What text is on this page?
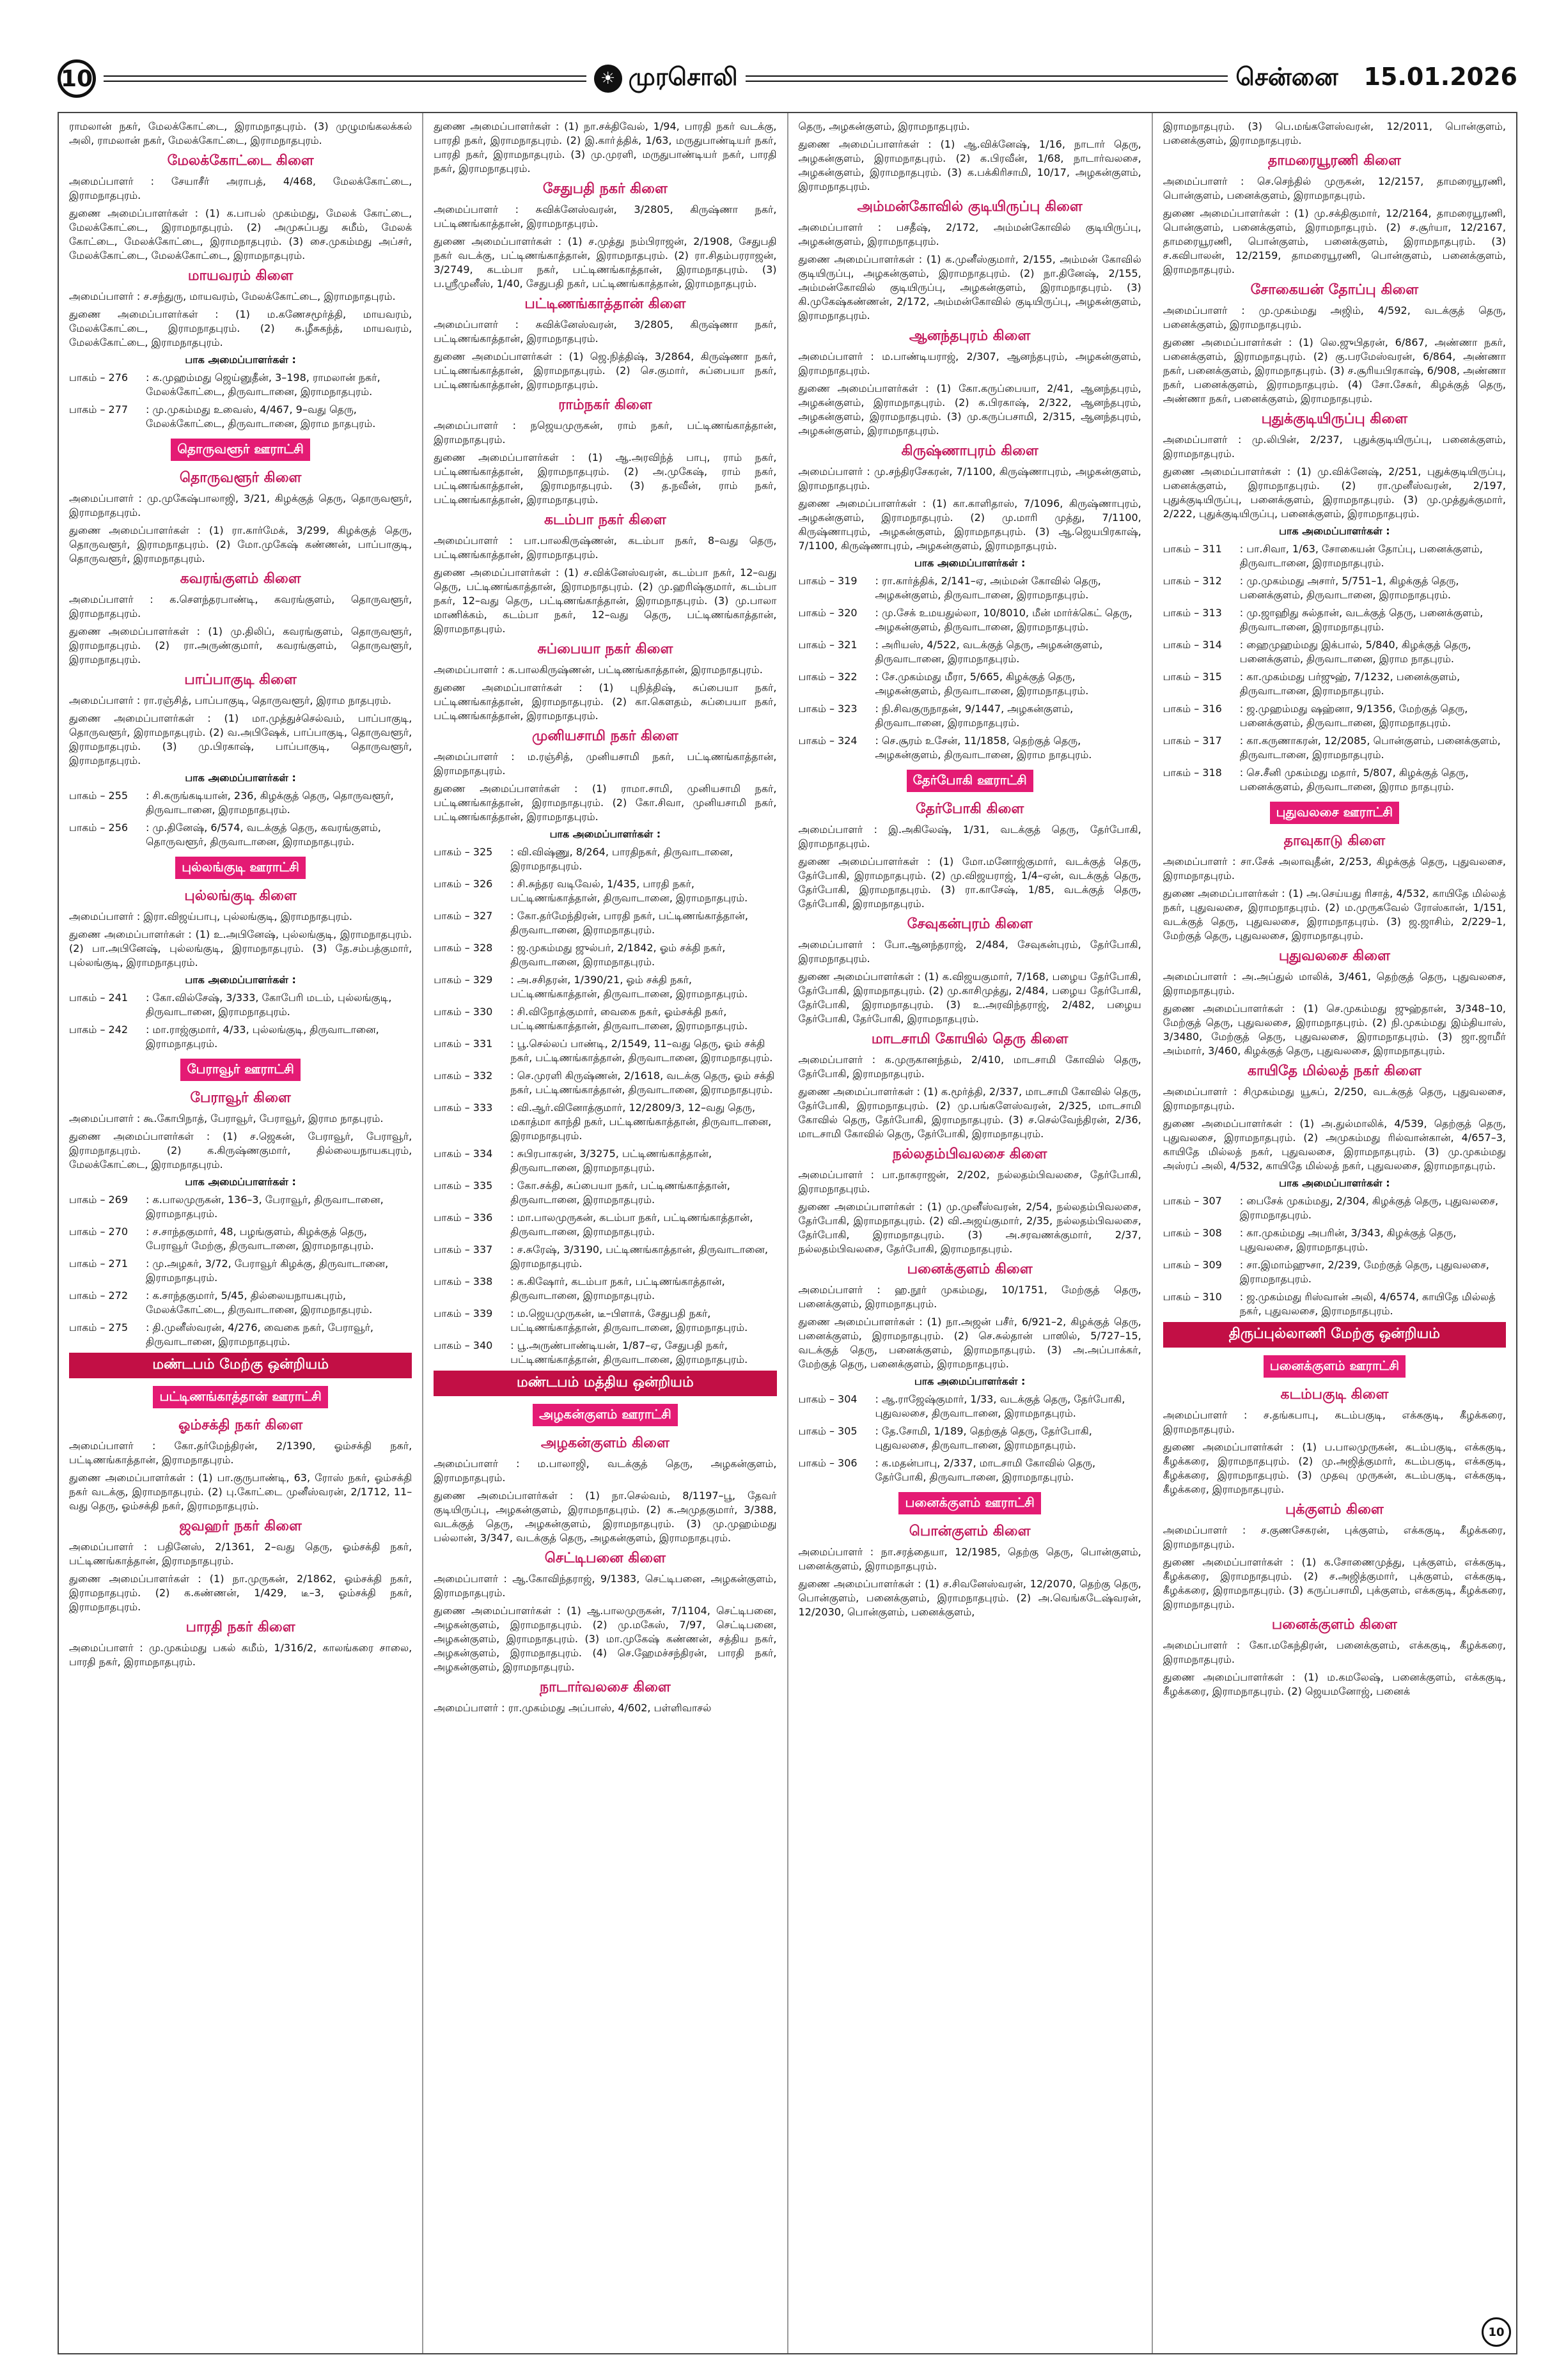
10	☀ முரசொலி	சென்னை 15.01.2026
ராமலான் நகர், மேலக்கோட்டை, இராமநாதபுரம். (3) முழுமங்கலக்கல் அலி, ராமலான் நகர், மேலக்கோட்டை, இராமநாதபுரம்.
மேலக்கோட்டை கிளை
அமைப்பாளர் : சேயாசீர் அராபத், 4/468, மேலக்கோட்டை, இராமநாதபுரம்.
துணை அமைப்பாளர்கள் : (1) க.பாபல் முகம்மது, மேலக் கோட்டை, மேலக்கோட்டை, இராமநாதபுரம். (2) அமுசுப்பது சுமீம், மேலக் கோட்டை, மேலக்கோட்டை, இராமநாதபுரம். (3) சை.முகம்மது அப்சர், மேலக்கோட்டை, மேலக்கோட்டை, இராமநாதபுரம்.
மாயவரம் கிளை
அமைப்பாளர் : ச.சந்துரு, மாயவரம், மேலக்கோட்டை, இராமநாதபுரம்.
துணை அமைப்பாளர்கள் : (1) ம.கணேசமூர்த்தி, மாயவரம், மேலக்கோட்டை, இராமநாதபுரம். (2) சு.ழீசுகந்த், மாயவரம், மேலக்கோட்டை, இராமநாதபுரம்.
பாக அமைப்பாளர்கள் :
பாகம் – 276	: க.முஹம்மது ஜெய்னுதீன், 3–198, ராமலான் நகர், மேலக்கோட்டை, திருவாடானை, இராமநாதபுரம்.
பாகம் – 277	: மு.முகம்மது உவைஸ், 4/467, 9–வது தெரு, மேலக்கோட்டை, திருவாடானை, இராம நாதபுரம்.
தொருவளூர் ஊராட்சி
தொருவளூர் கிளை
அமைப்பாளர் : மு.முகேஷ்பாலாஜி, 3/21, கிழக்குத் தெரு, தொருவளூர், இராமநாதபுரம்.
துணை அமைப்பாளர்கள் : (1) ரா.கார்மேக், 3/299, கிழக்குத் தெரு, தொருவளூர், இராமநாதபுரம். (2) மோ.முகேஷ் கண்ணன், பாப்பாகுடி, தொருவளூர், இராமநாதபுரம்.
கவரங்குளம் கிளை
அமைப்பாளர் : க.சௌந்தரபாண்டி, கவரங்குளம், தொருவளூர், இராமநாதபுரம்.
துணை அமைப்பாளர்கள் : (1) மு.திலிப், கவரங்குளம், தொருவளூர், இராமநாதபுரம். (2) ரா.அருண்குமார், கவரங்குளம், தொருவளூர், இராமநாதபுரம்.
பாப்பாகுடி கிளை
அமைப்பாளர் : ரா.ரஞ்சித், பாப்பாகுடி, தொருவளூர், இராம நாதபுரம்.
துணை அமைப்பாளர்கள் : (1) மா.முத்துச்செல்வம், பாப்பாகுடி, தொருவளூர், இராமநாதபுரம். (2) வ.அபிஷேக், பாப்பாகுடி, தொருவளூர், இராமநாதபுரம். (3) மு.பிரகாஷ், பாப்பாகுடி, தொருவளூர், இராமநாதபுரம்.
பாக அமைப்பாளர்கள் :
பாகம் – 255	: சி.கருங்கடியான், 236, கிழக்குத் தெரு, தொருவளூர், திருவாடானை, இராமநாதபுரம்.
பாகம் – 256	: மு.தினேஷ், 6/574, வடக்குத் தெரு, கவரங்குளம், தொருவளூர், திருவாடானை, இராமநாதபுரம்.
புல்லங்குடி ஊராட்சி
புல்லங்குடி கிளை
அமைப்பாளர் : இரா.விஜய்பாபு, புல்லங்குடி, இராமநாதபுரம்.
துணை அமைப்பாளர்கள் : (1) உ.அபினேஷ், புல்லங்குடி, இராமநாதபுரம். (2) பா.அபினேஷ், புல்லங்குடி, இராமநாதபுரம். (3) தே.சம்பத்குமார், புல்லங்குடி, இராமநாதபுரம்.
பாக அமைப்பாளர்கள் :
பாகம் – 241	: கோ.வில்சேஷ், 3/333, கோபேரி மடம், புல்லங்குடி, திருவாடானை, இராமநாதபுரம்.
பாகம் – 242	: மா.ராஜ்குமார், 4/33, புல்லங்குடி, திருவாடானை, இராமநாதபுரம்.
பேராவூர் ஊராட்சி
பேராவூர் கிளை
அமைப்பாளர் : கூ.கோபிநாத், பேராவூர், பேராவூர், இராம நாதபுரம்.
துணை அமைப்பாளர்கள் : (1) ச.ஜெகன், பேராவூர், பேராவூர், இராமநாதபுரம். (2) க.கிருஷ்ணகுமார், தில்லையநாயகபுரம், மேலக்கோட்டை, இராமநாதபுரம்.
பாக அமைப்பாளர்கள் :
பாகம் – 269	: க.பாலமுருகன், 136–3, பேராவூர், திருவாடானை, இராமநாதபுரம்.
பாகம் – 270	: ச.சாந்தகுமார், 48, பழங்குளம், கிழக்குத் தெரு, பேராவூர் மேற்கு, திருவாடானை, இராமநாதபுரம்.
பாகம் – 271	: மு.அழகர், 3/72, பேராவூர் கிழக்கு, திருவாடானை, இராமநாதபுரம்.
பாகம் – 272	: க.சாந்தகுமார், 5/45, தில்லையநாயகபுரம், மேலக்கோட்டை, திருவாடானை, இராமநாதபுரம்.
பாகம் – 275	: தி.முனீஸ்வரன், 4/276, வைகை நகர், பேராவூர், திருவாடானை, இராமநாதபுரம்.
மண்டபம் மேற்கு ஒன்றியம்
பட்டிணங்காத்தான் ஊராட்சி
ஓம்சக்தி நகர் கிளை
அமைப்பாளர் : கோ.தர்மேந்திரன், 2/1390, ஓம்சக்தி நகர், பட்டிணங்காத்தான், இராமநாதபுரம்.
துணை அமைப்பாளர்கள் : (1) பா.குருபாண்டி, 63, ரோஸ் நகர், ஓம்சக்தி நகர் வடக்கு, இராமநாதபுரம். (2) பு.கோட்டை முனீஸ்வரன், 2/1712, 11–வது தெரு, ஓம்சக்தி நகர், இராமநாதபுரம்.
ஜவஹர் நகர் கிளை
அமைப்பாளர் : பதினேஸ், 2/1361, 2–வது தெரு, ஓம்சக்தி நகர், பட்டிணங்காத்தான், இராமநாதபுரம்.
துணை அமைப்பாளர்கள் : (1) நா.முருகன், 2/1862, ஓம்சக்தி நகர், இராமநாதபுரம். (2) க.கண்ணன், 1/429, டீ–3, ஓம்சக்தி நகர், இராமநாதபுரம்.
பாரதி நகர் கிளை
அமைப்பாளர் : மு.முகம்மது பகல் கமீம், 1/316/2, காலங்கரை சாலை, பாரதி நகர், இராமநாதபுரம்.
துணை அமைப்பாளர்கள் : (1) நா.சக்திவேல், 1/94, பாரதி நகர் வடக்கு, பாரதி நகர், இராமநாதபுரம். (2) இ.காா்த்திக், 1/63, மருதுபாண்டியர் நகர், பாரதி நகர், இராமநாதபுரம். (3) மு.முரளி, மருதுபாண்டியர் நகர், பாரதி நகர், இராமநாதபுரம்.
சேதுபதி நகர் கிளை
அமைப்பாளர் : சுவிக்னேஸ்வரன், 3/2805, கிருஷ்ணா நகர், பட்டிணங்காத்தான், இராமநாதபுரம்.
துணை அமைப்பாளர்கள் : (1) ச.முத்து நம்பிராஜன், 2/1908, சேதுபதி நகர் வடக்கு, பட்டிணங்காத்தான், இராமநாதபுரம். (2) ரா.சிதம்பரராஜன், 3/2749, கடம்பா நகர், பட்டிணங்காத்தான், இராமநாதபுரம். (3) ப.ஸ்ரீமுனீஸ், 1/40, சேதுபதி நகர், பட்டிணங்காத்தான், இராமநாதபுரம்.
பட்டிணங்காத்தான் கிளை
அமைப்பாளர் : சுவிக்னேஸ்வரன், 3/2805, கிருஷ்ணா நகர், பட்டிணங்காத்தான், இராமநாதபுரம்.
துணை அமைப்பாளர்கள் : (1) ஜெ.நித்திஷ், 3/2864, கிருஷ்ணா நகர், பட்டிணங்காத்தான், இராமநாதபுரம். (2) செ.குமார், சுப்பையா நகர், பட்டிணங்காத்தான், இராமநாதபுரம்.
ராம்நகர் கிளை
அமைப்பாளர் : நஜெயமுருகன், ராம் நகர், பட்டிணங்காத்தான், இராமநாதபுரம்.
துணை அமைப்பாளர்கள் : (1) ஆ.அரவிந்த் பாபு, ராம் நகர், பட்டிணங்காத்தான், இராமநாதபுரம். (2) அ.முகேஷ், ராம் நகர், பட்டிணங்காத்தான், இராமநாதபுரம். (3) த.நவீன், ராம் நகர், பட்டிணங்காத்தான், இராமநாதபுரம்.
கடம்பா நகர் கிளை
அமைப்பாளர் : பா.பாலகிருஷ்ணன், கடம்பா நகர், 8–வது தெரு, பட்டிணங்காத்தான், இராமநாதபுரம்.
துணை அமைப்பாளர்கள் : (1) ச.விக்னேஸ்வரன், கடம்பா நகர், 12–வது தெரு, பட்டிணங்காத்தான், இராமநாதபுரம். (2) மு.ஹரிஷ்குமார், கடம்பா நகர், 12–வது தெரு, பட்டிணங்காத்தான், இராமநாதபுரம். (3) மு.பாலா மாணிக்கம், கடம்பா நகர், 12–வது தெரு, பட்டிணங்காத்தான், இராமநாதபுரம்.
சுப்பையா நகர் கிளை
அமைப்பாளர் : க.பாலகிருஷ்ணன், பட்டிணங்காத்தான், இராமநாதபுரம்.
துணை அமைப்பாளர்கள் : (1) புநித்திஷ், சுப்பையா நகர், பட்டிணங்காத்தான், இராமநாதபுரம். (2) கா.கௌதம், சுப்பையா நகர், பட்டிணங்காத்தான், இராமநாதபுரம்.
முனியசாமி நகர் கிளை
அமைப்பாளர் : ம.ரஞ்சித், முனியசாமி நகர், பட்டிணங்காத்தான், இராமநாதபுரம்.
துணை அமைப்பாளர்கள் : (1) ராமா.சாமி, முனியசாமி நகர், பட்டிணங்காத்தான், இராமநாதபுரம். (2) கோ.சிவா, முனியசாமி நகர், பட்டிணங்காத்தான், இராமநாதபுரம்.
பாக அமைப்பாளர்கள் :
பாகம் – 325	: வி.விஷ்ணு, 8/264, பாரதிநகர், திருவாடானை, இராமநாதபுரம்.
பாகம் – 326	: சி.சுந்தர வடிவேல், 1/435, பாரதி நகர், பட்டிணங்காத்தான், திருவாடானை, இராமநாதபுரம்.
பாகம் – 327	: கோ.தர்மேந்திரன், பாரதி நகர், பட்டிணங்காத்தான், திருவாடானை, இராமநாதபுரம்.
பாகம் – 328	: ஜ.முகம்மது ஜுல்பர், 2/1842, ஓம் சக்தி நகர், திருவாடானை, இராமநாதபுரம்.
பாகம் – 329	: அ.சசிதரன், 1/390/21, ஓம் சக்தி நகர், பட்டிணங்காத்தான், திருவாடானை, இராமநாதபுரம்.
பாகம் – 330	: சி.விநோத்குமார், வைகை நகர், ஓம்சக்தி நகர், பட்டிணங்காத்தான், திருவாடானை, இராமநாதபுரம்.
பாகம் – 331	: பூ.செல்லப் பாண்டி, 2/1549, 11–வது தெரு, ஓம் சக்தி நகர், பட்டிணங்காத்தான், திருவாடானை, இராமநாதபுரம்.
பாகம் – 332	: செ.முரளி கிருஷ்ணன், 2/1618, வடக்கு தெரு, ஓம் சக்தி நகர், பட்டிணங்காத்தான், திருவாடானை, இராமநாதபுரம்.
பாகம் – 333	: வி.ஆர்.வினோத்குமார், 12/2809/3, 12–வது தெரு, மகாத்மா காந்தி நகர், பட்டிணங்காத்தான், திருவாடானை, இராமநாதபுரம்.
பாகம் – 334	: சுபிரபாகரன், 3/3275, பட்டிணங்காத்தான், திருவாடானை, இராமநாதபுரம்.
பாகம் – 335	: கோ.சக்தி, சுப்பையா நகர், பட்டிணங்காத்தான், திருவாடானை, இராமநாதபுரம்.
பாகம் – 336	: மா.பாலமுருகன், கடம்பா நகர், பட்டிணங்காத்தான், திருவாடானை, இராமநாதபுரம்.
பாகம் – 337	: ச.சுரேஷ், 3/3190, பட்டிணங்காத்தான், திருவாடானை, இராமநாதபுரம்.
பாகம் – 338	: க.கிஷோர், கடம்பா நகர், பட்டிணங்காத்தான், திருவாடானை, இராமநாதபுரம்.
பாகம் – 339	: ம.ஜெயமுருகன், டீ–பிளாக், சேதுபதி நகர், பட்டிணங்காத்தான், திருவாடானை, இராமநாதபுரம்.
பாகம் – 340	: பூ.அருண்பாண்டியன், 1/87–ஏ, சேதுபதி நகர், பட்டிணங்காத்தான், திருவாடானை, இராமநாதபுரம்.
மண்டபம் மத்திய ஒன்றியம்
அழகன்குளம் ஊராட்சி
அழகன்குளம் கிளை
அமைப்பாளர் : ம.பாலாஜி, வடக்குத் தெரு, அழகன்குளம், இராமநாதபுரம்.
துணை அமைப்பாளர்கள் : (1) நா.செல்வம், 8/1197–பூ, தேவர் குடியிருப்பு, அழகன்குளம், இராமநாதபுரம். (2) க.அமுதகுமார், 3/388, வடக்குத் தெரு, அழகன்குளம், இராமநாதபுரம். (3) மு.முஹம்மது பல்லான், 3/347, வடக்குத் தெரு, அழகன்குளம், இராமநாதபுரம்.
செட்டிபனை கிளை
அமைப்பாளர் : ஆ.கோவிந்தராஜ், 9/1383, செட்டிபனை, அழகன்குளம், இராமநாதபுரம்.
துணை அமைப்பாளர்கள் : (1) ஆ.பாலமுருகன், 7/1104, செட்டிபனை, அழகன்குளம், இராமநாதபுரம். (2) மு.மகேஸ், 7/97, செட்டிபனை, அழகன்குளம், இராமநாதபுரம். (3) மா.முகேஷ் கண்ணன், சத்திய நகர், அழகன்குளம், இராமநாதபுரம். (4) செ.ஹேமச்சந்திரன், பாரதி நகர், அழகன்குளம், இராமநாதபுரம்.
நாடார்வலசை கிளை
அமைப்பாளர் : ரா.முகம்மது அப்பாஸ், 4/602, பள்ளிவாசல்
தெரு, அழகன்குளம், இராமநாதபுரம்.
துணை அமைப்பாளர்கள் : (1) ஆ.விக்னேஷ், 1/16, நாடார் தெரு, அழகன்குளம், இராமநாதபுரம். (2) க.பிரவீன், 1/68, நாடார்வலசை, அழகன்குளம், இராமநாதபுரம். (3) க.பக்கிரிசாமி, 10/17, அழகன்குளம், இராமநாதபுரம்.
அம்மன்கோவில் குடியிருப்பு கிளை
அமைப்பாளர் : பசதீஷ், 2/172, அம்மன்கோவில் குடியிருப்பு, அழகன்குளம், இராமநாதபுரம்.
துணை அமைப்பாளர்கள் : (1) க.முனீஸ்குமார், 2/155, அம்மன் கோவில் குடியிருப்பு, அழகன்குளம், இராமநாதபுரம். (2) நா.தினேஷ், 2/155, அம்மன்கோவில் குடியிருப்பு, அழகன்குளம், இராமநாதபுரம். (3) கி.முகேஷ்கண்ணன், 2/172, அம்மன்கோவில் குடியிருப்பு, அழகன்குளம், இராமநாதபுரம்.
ஆனந்தபுரம் கிளை
அமைப்பாளர் : ம.பாண்டியராஜ், 2/307, ஆனந்தபுரம், அழகன்குளம், இராமநாதபுரம்.
துணை அமைப்பாளர்கள் : (1) கோ.கருப்பையா, 2/41, ஆனந்தபுரம், அழகன்குளம், இராமநாதபுரம். (2) க.பிரகாஷ், 2/322, ஆனந்தபுரம், அழகன்குளம், இராமநாதபுரம். (3) மு.கருப்பசாமி, 2/315, ஆனந்தபுரம், அழகன்குளம், இராமநாதபுரம்.
கிருஷ்ணாபுரம் கிளை
அமைப்பாளர் : மு.சந்திரசேகரன், 7/1100, கிருஷ்ணாபுரம், அழகன்குளம், இராமநாதபுரம்.
துணை அமைப்பாளர்கள் : (1) கா.காளிதாஸ், 7/1096, கிருஷ்ணாபுரம், அழகன்குளம், இராமநாதபுரம். (2) மு.மாரி முத்து, 7/1100, கிருஷ்ணாபுரம், அழகன்குளம், இராமநாதபுரம். (3) ஆ.ஜெயபிரகாஷ், 7/1100, கிருஷ்ணாபுரம், அழகன்குளம், இராமநாதபுரம்.
பாக அமைப்பாளர்கள் :
பாகம் – 319	: ரா.கார்த்திக், 2/141–ஏ, அம்மன் கோவில் தெரு, அழகன்குளம், திருவாடானை, இராமநாதபுரம்.
பாகம் – 320	: மு.சேக் உமயதுல்லா, 10/8010, மீன் மார்க்கெட் தெரு, அழகன்குளம், திருவாடானை, இராமநாதபுரம்.
பாகம் – 321	: அரியஸ், 4/522, வடக்குத் தெரு, அழகன்குளம், திருவாடானை, இராமநாதபுரம்.
பாகம் – 322	: சே.முகம்மது மீரா, 5/665, கிழக்குத் தெரு, அழகன்குளம், திருவாடானை, இராமநாதபுரம்.
பாகம் – 323	: நி.சிவகுருநாதன், 9/1447, அழகன்குளம், திருவாடானை, இராமநாதபுரம்.
பாகம் – 324	: செ.சூரம் உசேன், 11/1858, தெற்குத் தெரு, அழகன்குளம், திருவாடானை, இராம நாதபுரம்.
தேர்போகி ஊராட்சி
தேர்போகி கிளை
அமைப்பாளர் : இ.அகிலேஷ், 1/31, வடக்குத் தெரு, தேர்போகி, இராமநாதபுரம்.
துணை அமைப்பாளர்கள் : (1) மோ.மனோஜ்குமார், வடக்குத் தெரு, தேர்போகி, இராமநாதபுரம். (2) மு.விஜயராஜ், 1/4–ஏன், வடக்குத் தெரு, தேர்போகி, இராமநாதபுரம். (3) ரா.காசேஷ், 1/85, வடக்குத் தெரு, தேர்போகி, இராமநாதபுரம்.
சேவுகன்புரம் கிளை
அமைப்பாளர் : போ.ஆனந்தராஜ், 2/484, சேவுகன்புரம், தேர்போகி, இராமநாதபுரம்.
துணை அமைப்பாளர்கள் : (1) க.விஜயகுமார், 7/168, பழைய தேர்போகி, தேர்போகி, இராமநாதபுரம். (2) மு.காசிமுத்து, 2/484, பழைய தேர்போகி, தேர்போகி, இராமநாதபுரம். (3) உ.அரவிந்தராஜ், 2/482, பழைய தேர்போகி, தேர்போகி, இராமநாதபுரம்.
மாடசாமி கோயில் தெரு கிளை
அமைப்பாளர் : க.முருகானந்தம், 2/410, மாடசாமி கோவில் தெரு, தேர்போகி, இராமநாதபுரம்.
துணை அமைப்பாளர்கள் : (1) க.மூர்த்தி, 2/337, மாடசாமி கோவில் தெரு, தேர்போகி, இராமநாதபுரம். (2) மு.பங்களேஸ்வரன், 2/325, மாடசாமி கோவில் தெரு, தேர்போகி, இராமநாதபுரம். (3) ச.செல்வேந்திரன், 2/36, மாடசாமி கோவில் தெரு, தேர்போகி, இராமநாதபுரம்.
நல்லதம்பிவலசை கிளை
அமைப்பாளர் : பா.நாகராஜன், 2/202, நல்லதம்பிவலசை, தேர்போகி, இராமநாதபுரம்.
துணை அமைப்பாளர்கள் : (1) மு.முனீஸ்வரன், 2/54, நல்லதம்பிவலசை, தேர்போகி, இராமநாதபுரம். (2) வி.அஜய்குமார், 2/35, நல்லதம்பிவலசை, தேர்போகி, இராமநாதபுரம். (3) அ.சரவணக்குமார், 2/37, நல்லதம்பிவலசை, தேர்போகி, இராமநாதபுரம்.
பனைக்குளம் கிளை
அமைப்பாளர் : ஹ.நூர் முகம்மது, 10/1751, மேற்குத் தெரு, பனைக்குளம், இராமநாதபுரம்.
துணை அமைப்பாளர்கள் : (1) நா.அஜன் பசீர், 6/921–2, கிழக்குத் தெரு, பனைக்குளம், இராமநாதபுரம். (2) செ.சுல்தான் பாஸில், 5/727–15, வடக்குத் தெரு, பனைக்குளம், இராமநாதபுரம். (3) அ.அப்பாக்கர், மேற்குத் தெரு, பனைக்குளம், இராமநாதபுரம்.
பாக அமைப்பாளர்கள் :
பாகம் – 304	: ஆ.ராஜேஷ்குமார், 1/33, வடக்குத் தெரு, தேர்போகி, புதுவலசை, திருவாடானை, இராமநாதபுரம்.
பாகம் – 305	: தே.சோமி, 1/189, தெற்குத் தெரு, தேர்போகி, புதுவலசை, திருவாடானை, இராமநாதபுரம்.
பாகம் – 306	: க.மதன்பாபு, 2/337, மாடசாமி கோவில் தெரு, தேர்போகி, திருவாடானை, இராமநாதபுரம்.
பனைக்குளம் ஊராட்சி
பொன்குளம் கிளை
அமைப்பாளர் : நா.சரத்தையா, 12/1985, தெற்கு தெரு, பொன்குளம், பனைக்குளம், இராமநாதபுரம்.
துணை அமைப்பாளர்கள் : (1) ச.சிவனேஸ்வரன், 12/2070, தெற்கு தெரு, பொன்குளம், பனைக்குளம், இராமநாதபுரம். (2) அ.வெங்கடேஷ்வரன், 12/2030, பொன்குளம், பனைக்குளம்,
இராமநாதபுரம். (3) பெ.மங்களேஸ்வரன், 12/2011, பொன்குளம், பனைக்குளம், இராமநாதபுரம்.
தாமரையூரணி கிளை
அமைப்பாளர் : செ.செந்தில் முருகன், 12/2157, தாமரையூரணி, பொன்குளம், பனைக்குளம், இராமநாதபுரம்.
துணை அமைப்பாளர்கள் : (1) மு.சக்திகுமார், 12/2164, தாமரையூரணி, பொன்குளம், பனைக்குளம், இராமநாதபுரம். (2) ச.சூர்யா, 12/2167, தாமரையூரணி, பொன்குளம், பனைக்குளம், இராமநாதபுரம். (3) ச.கவிபாலன், 12/2159, தாமரையூரணி, பொன்குளம், பனைக்குளம், இராமநாதபுரம்.
சோகையன் தோப்பு கிளை
அமைப்பாளர் : மு.முகம்மது அஜிம், 4/592, வடக்குத் தெரு, பனைக்குளம், இராமநாதபுரம்.
துணை அமைப்பாளர்கள் : (1) லெ.ஜுபிதரன், 6/867, அண்ணா நகர், பனைக்குளம், இராமநாதபுரம். (2) கு.பரமேஸ்வரன், 6/864, அண்ணா நகர், பனைக்குளம், இராமநாதபுரம். (3) ச.சூரியபிரகாஷ், 6/908, அண்ணா நகர், பனைக்குளம், இராமநாதபுரம். (4) சோ.சேகர், கிழக்குத் தெரு, அண்ணா நகர், பனைக்குளம், இராமநாதபுரம்.
புதுக்குடியிருப்பு கிளை
அமைப்பாளர் : மு.லிபின், 2/237, புதுக்குடியிருப்பு, பனைக்குளம், இராமநாதபுரம்.
துணை அமைப்பாளர்கள் : (1) மு.விக்னேஷ், 2/251, புதுக்குடியிருப்பு, பனைக்குளம், இராமநாதபுரம். (2) ரா.முனீஸ்வரன், 2/197, புதுக்குடியிருப்பு, பனைக்குளம், இராமநாதபுரம். (3) மு.முத்துக்குமார், 2/222, புதுக்குடியிருப்பு, பனைக்குளம், இராமநாதபுரம்.
பாக அமைப்பாளர்கள் :
பாகம் – 311	: பா.சிவா, 1/63, சோகையன் தோப்பு, பனைக்குளம், திருவாடானை, இராமநாதபுரம்.
பாகம் – 312	: மு.முகம்மது அசார், 5/751–1, கிழக்குத் தெரு, பனைக்குளம், திருவாடானை, இராமநாதபுரம்.
பாகம் – 313	: மு.ஜாஹிது சுல்தான், வடக்குத் தெரு, பனைக்குளம், திருவாடானை, இராமநாதபுரம்.
பாகம் – 314	: ஹைமுஹம்மது இக்பால், 5/840, கிழக்குத் தெரு, பனைக்குளம், திருவாடானை, இராம நாதபுரம்.
பாகம் – 315	: கா.முகம்மது பர்ஜுஹ், 7/1232, பனைக்குளம், திருவாடானை, இராமநாதபுரம்.
பாகம் – 316	: ஜ.முஹம்மது ஷஹ்னா, 9/1356, மேற்குத் தெரு, பனைக்குளம், திருவாடானை, இராமநாதபுரம்.
பாகம் – 317	: கா.கருணாகரன், 12/2085, பொன்குளம், பனைக்குளம், திருவாடானை, இராமநாதபுரம்.
பாகம் – 318	: செ.சீனி முகம்மது மதார், 5/807, கிழக்குத் தெரு, பனைக்குளம், திருவாடானை, இராம நாதபுரம்.
புதுவலசை ஊராட்சி
தாவுகாடு கிளை
அமைப்பாளர் : சா.சேக் அலாவுதீன், 2/253, கிழக்குத் தெரு, புதுவலசை, இராமநாதபுரம்.
துணை அமைப்பாளர்கள் : (1) அ.செய்யது ரிசாத், 4/532, காயிதே மில்லத் நகர், புதுவலசை, இராமநாதபுரம். (2) ம.முருகவேல் ரோஸ்கான், 1/151, வடக்குத் தெரு, புதுவலசை, இராமநாதபுரம். (3) ஜ.ஜாசிம், 2/229–1, மேற்குத் தெரு, புதுவலசை, இராமநாதபுரம்.
புதுவலசை கிளை
அமைப்பாளர் : அ.அப்துல் மாலிக், 3/461, தெற்குத் தெரு, புதுவலசை, இராமநாதபுரம்.
துணை அமைப்பாளர்கள் : (1) செ.முகம்மது ஜுஹ்தான், 3/348–10, மேற்குத் தெரு, புதுவலசை, இராமநாதபுரம். (2) நி.முகம்மது இம்தியாஸ், 3/3480, மேற்குத் தெரு, புதுவலசை, இராமநாதபுரம். (3) ஜா.ஜாமீர் அம்மார், 3/460, கிழக்குத் தெரு, புதுவலசை, இராமநாதபுரம்.
காயிதே மில்லத் நகர் கிளை
அமைப்பாளர் : சிமுகம்மது யூசுப், 2/250, வடக்குத் தெரு, புதுவலசை, இராமநாதபுரம்.
துணை அமைப்பாளர்கள் : (1) அ.துல்மாலிக், 4/539, தெற்குத் தெரு, புதுவலசை, இராமநாதபுரம். (2) அமுகம்மது ரில்வான்கான், 4/657–3, காயிதே மில்லத் நகர், புதுவலசை, இராமநாதபுரம். (3) மு.முகம்மது அஸ்ரப் அலி, 4/532, காயிதே மில்லத் நகர், புதுவலசை, இராமநாதபுரம்.
பாக அமைப்பாளர்கள் :
பாகம் – 307	: பைசேக் முகம்மது, 2/304, கிழக்குத் தெரு, புதுவலசை, இராமநாதபுரம்.
பாகம் – 308	: கா.முகம்மது அபரின், 3/343, கிழக்குத் தெரு, புதுவலசை, இராமநாதபுரம்.
பாகம் – 309	: சா.இமாம்ஹுசா, 2/239, மேற்குத் தெரு, புதுவலசை, இராமநாதபுரம்.
பாகம் – 310	: ஜ.முகம்மது ரிஸ்வான் அலி, 4/6574, காயிதே மில்லத் நகர், புதுவலசை, இராமநாதபுரம்.
திருப்புல்லாணி மேற்கு ஒன்றியம்
பனைக்குளம் ஊராட்சி
கடம்பகுடி கிளை
அமைப்பாளர் : ச.தங்கபாபு, கடம்பகுடி, எக்ககுடி, கீழக்கரை, இராமநாதபுரம்.
துணை அமைப்பாளர்கள் : (1) ப.பாலமுருகன், கடம்பகுடி, எக்ககுடி, கீழக்கரை, இராமநாதபுரம். (2) மு.அஜித்குமார், கடம்பகுடி, எக்ககுடி, கீழக்கரை, இராமநாதபுரம். (3) முதவு முருகன், கடம்பகுடி, எக்ககுடி, கீழக்கரை, இராமநாதபுரம்.
புக்குளம் கிளை
அமைப்பாளர் : ச.குணசேகரன், புக்குளம், எக்ககுடி, கீழக்கரை, இராமநாதபுரம்.
துணை அமைப்பாளர்கள் : (1) க.சோணைமுத்து, புக்குளம், எக்ககுடி, கீழக்கரை, இராமநாதபுரம். (2) ச.அஜித்குமார், புக்குளம், எக்ககுடி, கீழக்கரை, இராமநாதபுரம். (3) கருப்பசாமி, புக்குளம், எக்ககுடி, கீழக்கரை, இராமநாதபுரம்.
பனைக்குளம் கிளை
அமைப்பாளர் : கோ.மகேந்திரன், பனைக்குளம், எக்ககுடி, கீழக்கரை, இராமநாதபுரம்.
துணை அமைப்பாளர்கள் : (1) ம.கமலேஷ், பனைக்குளம், எக்ககுடி, கீழக்கரை, இராமநாதபுரம். (2) ஜெயமனோஜ், பனைக்
10
